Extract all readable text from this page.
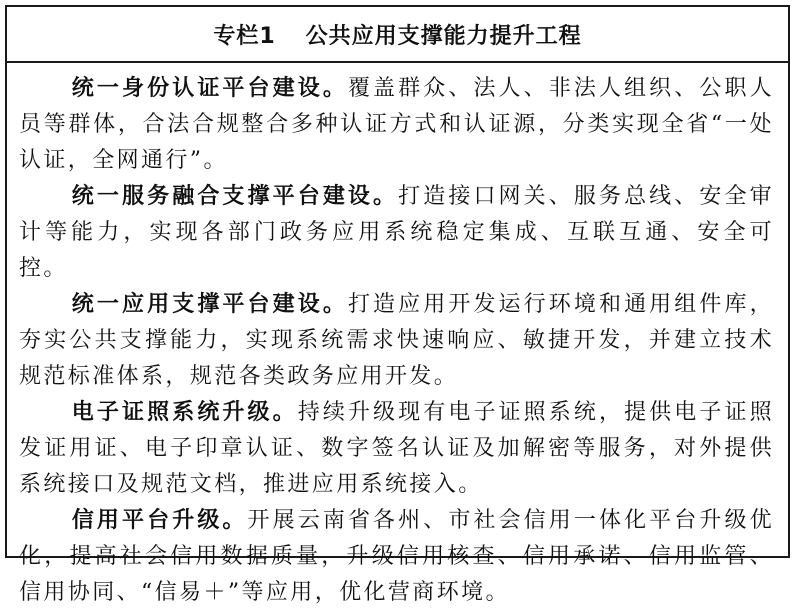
专栏1 公共应用支撑能力提升工程

统一身份认证平台建设。覆盖群众、法人、非法人组织、公职人员等群体，合法合规整合多种认证方式和认证源，分类实现全省“一处认证，全网通行”。

统一服务融合支撑平台建设。打造接口网关、服务总线、安全审计等能力，实现各部门政务应用系统稳定集成、互联互通、安全可控。

统一应用支撑平台建设。打造应用开发运行环境和通用组件库，夯实公共支撑能力，实现系统需求快速响应、敏捷开发，并建立技术规范标准体系，规范各类政务应用开发。

电子证照系统升级。持续升级现有电子证照系统，提供电子证照发证用证、电子印章认证、数字签名认证及加解密等服务，对外提供系统接口及规范文档，推进应用系统接入。

信用平台升级。开展云南省各州、市社会信用一体化平台升级优化，提高社会信用数据质量，升级信用核查、信用承诺、信用监管、信用协同、“信易＋”等应用，优化营商环境。
